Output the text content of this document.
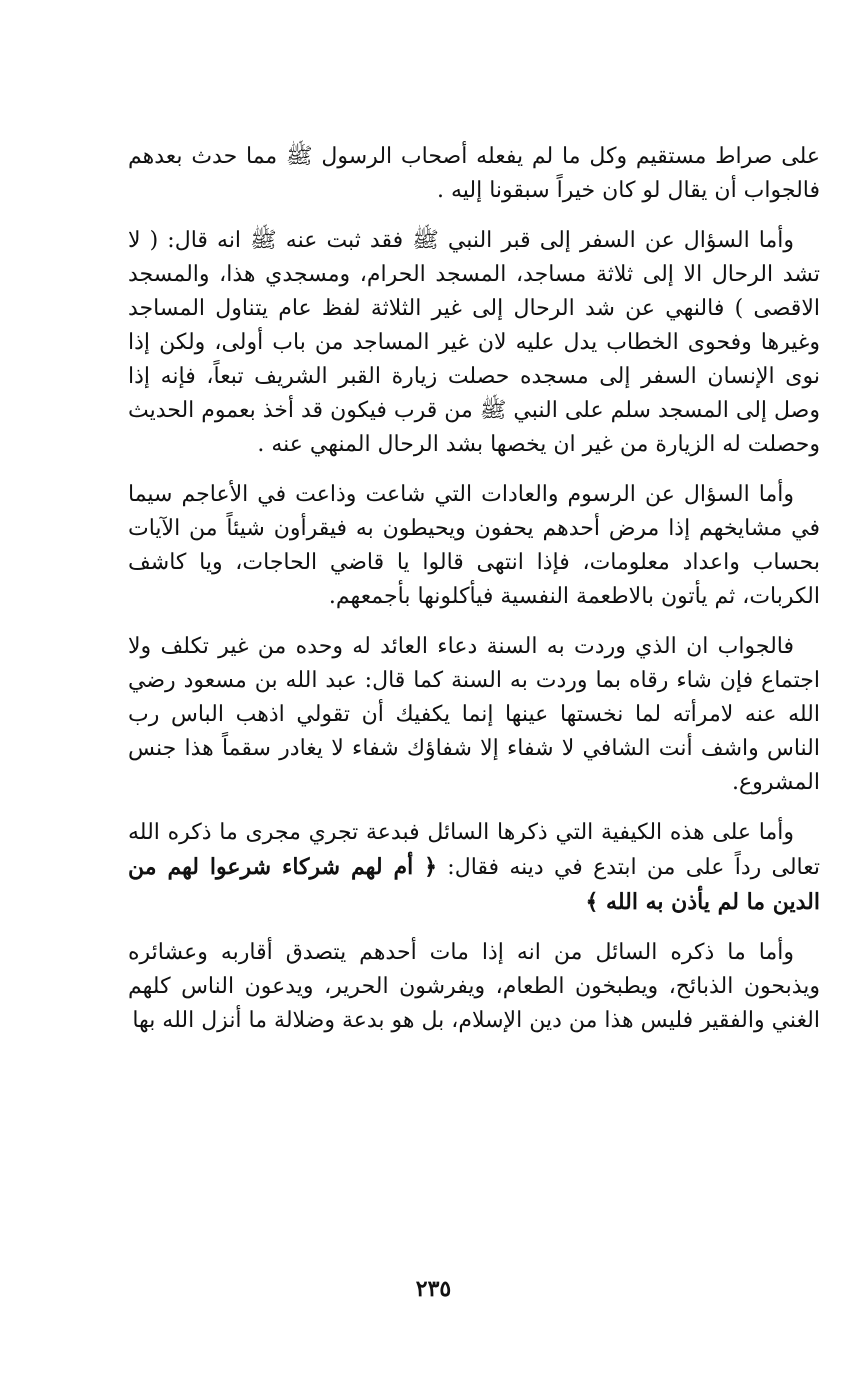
على صراط مستقيم وكل ما لم يفعله أصحاب الرسول ﷺ مما حدث بعدهم فالجواب أن يقال لو كان خيراً سبقونا إليه .

وأما السؤال عن السفر إلى قبر النبي ﷺ فقد ثبت عنه ﷺ انه قال: ( لا تشد الرحال الا إلى ثلاثة مساجد، المسجد الحرام، ومسجدي هذا، والمسجد الاقصى ) فالنهي عن شد الرحال إلى غير الثلاثة لفظ عام يتناول المساجد وغيرها وفحوى الخطاب يدل عليه لان غير المساجد من باب أولى، ولكن إذا نوى الإنسان السفر إلى مسجده حصلت زيارة القبر الشريف تبعاً، فإنه إذا وصل إلى المسجد سلم على النبي ﷺ من قرب فيكون قد أخذ بعموم الحديث وحصلت له الزيارة من غير ان يخصها بشد الرحال المنهي عنه .

وأما السؤال عن الرسوم والعادات التي شاعت وذاعت في الأعاجم سيما في مشايخهم إذا مرض أحدهم يحفون ويحيطون به فيقرأون شيئاً من الآيات بحساب واعداد معلومات، فإذا انتهى قالوا يا قاضي الحاجات، ويا كاشف الكربات، ثم يأتون بالاطعمة النفسية فيأكلونها بأجمعهم.

فالجواب ان الذي وردت به السنة دعاء العائد له وحده من غير تكلف ولا اجتماع فإن شاء رقاه بما وردت به السنة كما قال: عبد الله بن مسعود رضي الله عنه لامرأته لما نخستها عينها إنما يكفيك أن تقولي اذهب الباس رب الناس واشف أنت الشافي لا شفاء إلا شفاؤك شفاء لا يغادر سقماً هذا جنس المشروع.

وأما على هذه الكيفية التي ذكرها السائل فبدعة تجري مجرى ما ذكره الله تعالى رداً على من ابتدع في دينه فقال: ﴿ أم لهم شركاء شرعوا لهم من الدين ما لم يأذن به الله ﴾

وأما ما ذكره السائل من انه إذا مات أحدهم يتصدق أقاربه وعشائره ويذبحون الذبائح، ويطبخون الطعام، ويفرشون الحرير، ويدعون الناس كلهم الغني والفقير فليس هذا من دين الإسلام، بل هو بدعة وضلالة ما أنزل الله بها

٢٣٥
